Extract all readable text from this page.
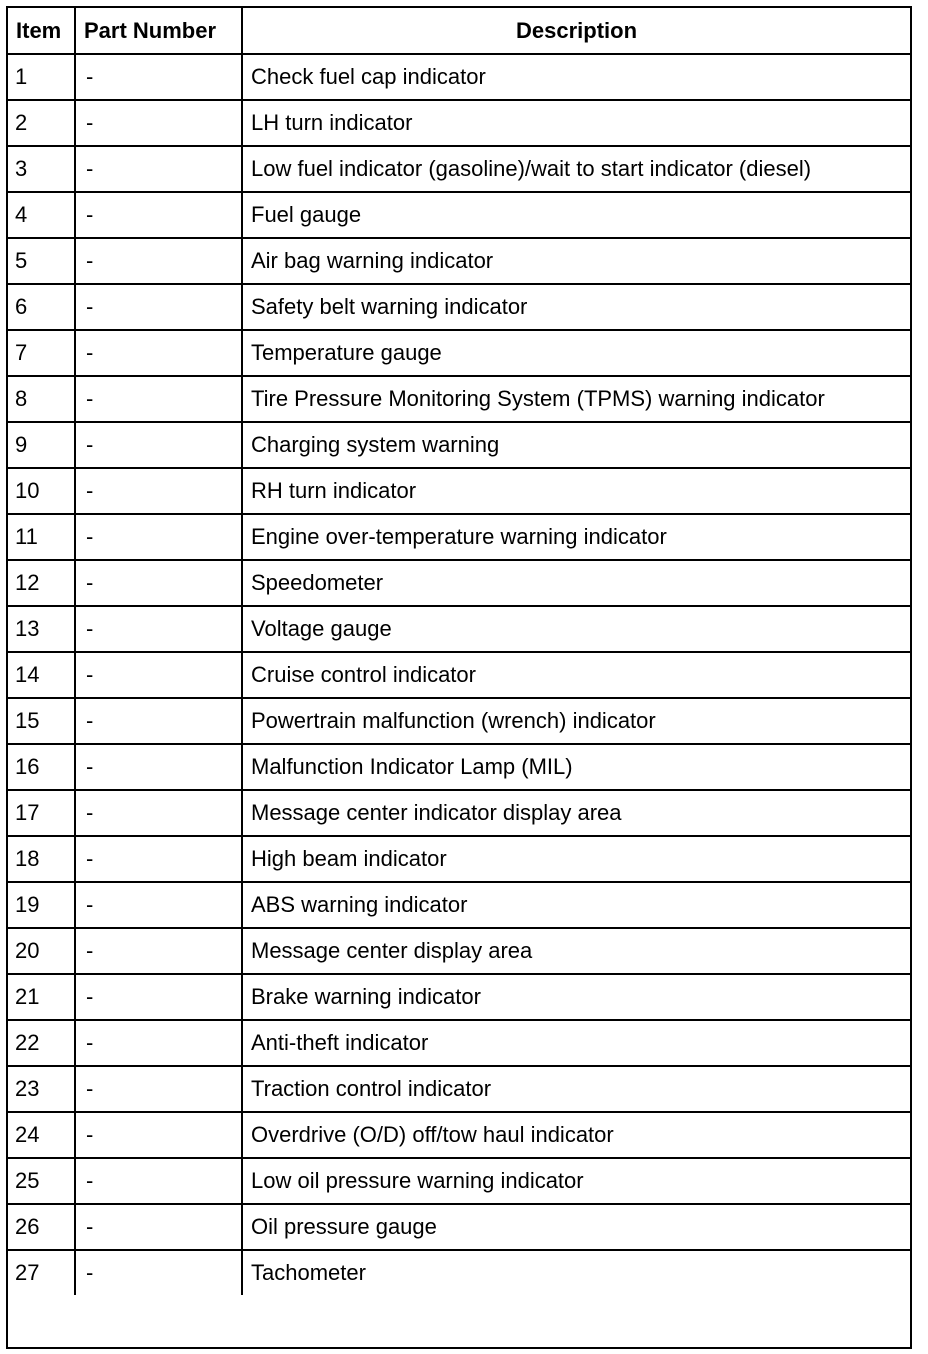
Item	Part Number	Description
1	-	Check fuel cap indicator
2	-	LH turn indicator
3	-	Low fuel indicator (gasoline)/wait to start indicator (diesel)
4	-	Fuel gauge
5	-	Air bag warning indicator
6	-	Safety belt warning indicator
7	-	Temperature gauge
8	-	Tire Pressure Monitoring System (TPMS) warning indicator
9	-	Charging system warning
10	-	RH turn indicator
11	-	Engine over-temperature warning indicator
12	-	Speedometer
13	-	Voltage gauge
14	-	Cruise control indicator
15	-	Powertrain malfunction (wrench) indicator
16	-	Malfunction Indicator Lamp (MIL)
17	-	Message center indicator display area
18	-	High beam indicator
19	-	ABS warning indicator
20	-	Message center display area
21	-	Brake warning indicator
22	-	Anti-theft indicator
23	-	Traction control indicator
24	-	Overdrive (O/D) off/tow haul indicator
25	-	Low oil pressure warning indicator
26	-	Oil pressure gauge
27	-	Tachometer
